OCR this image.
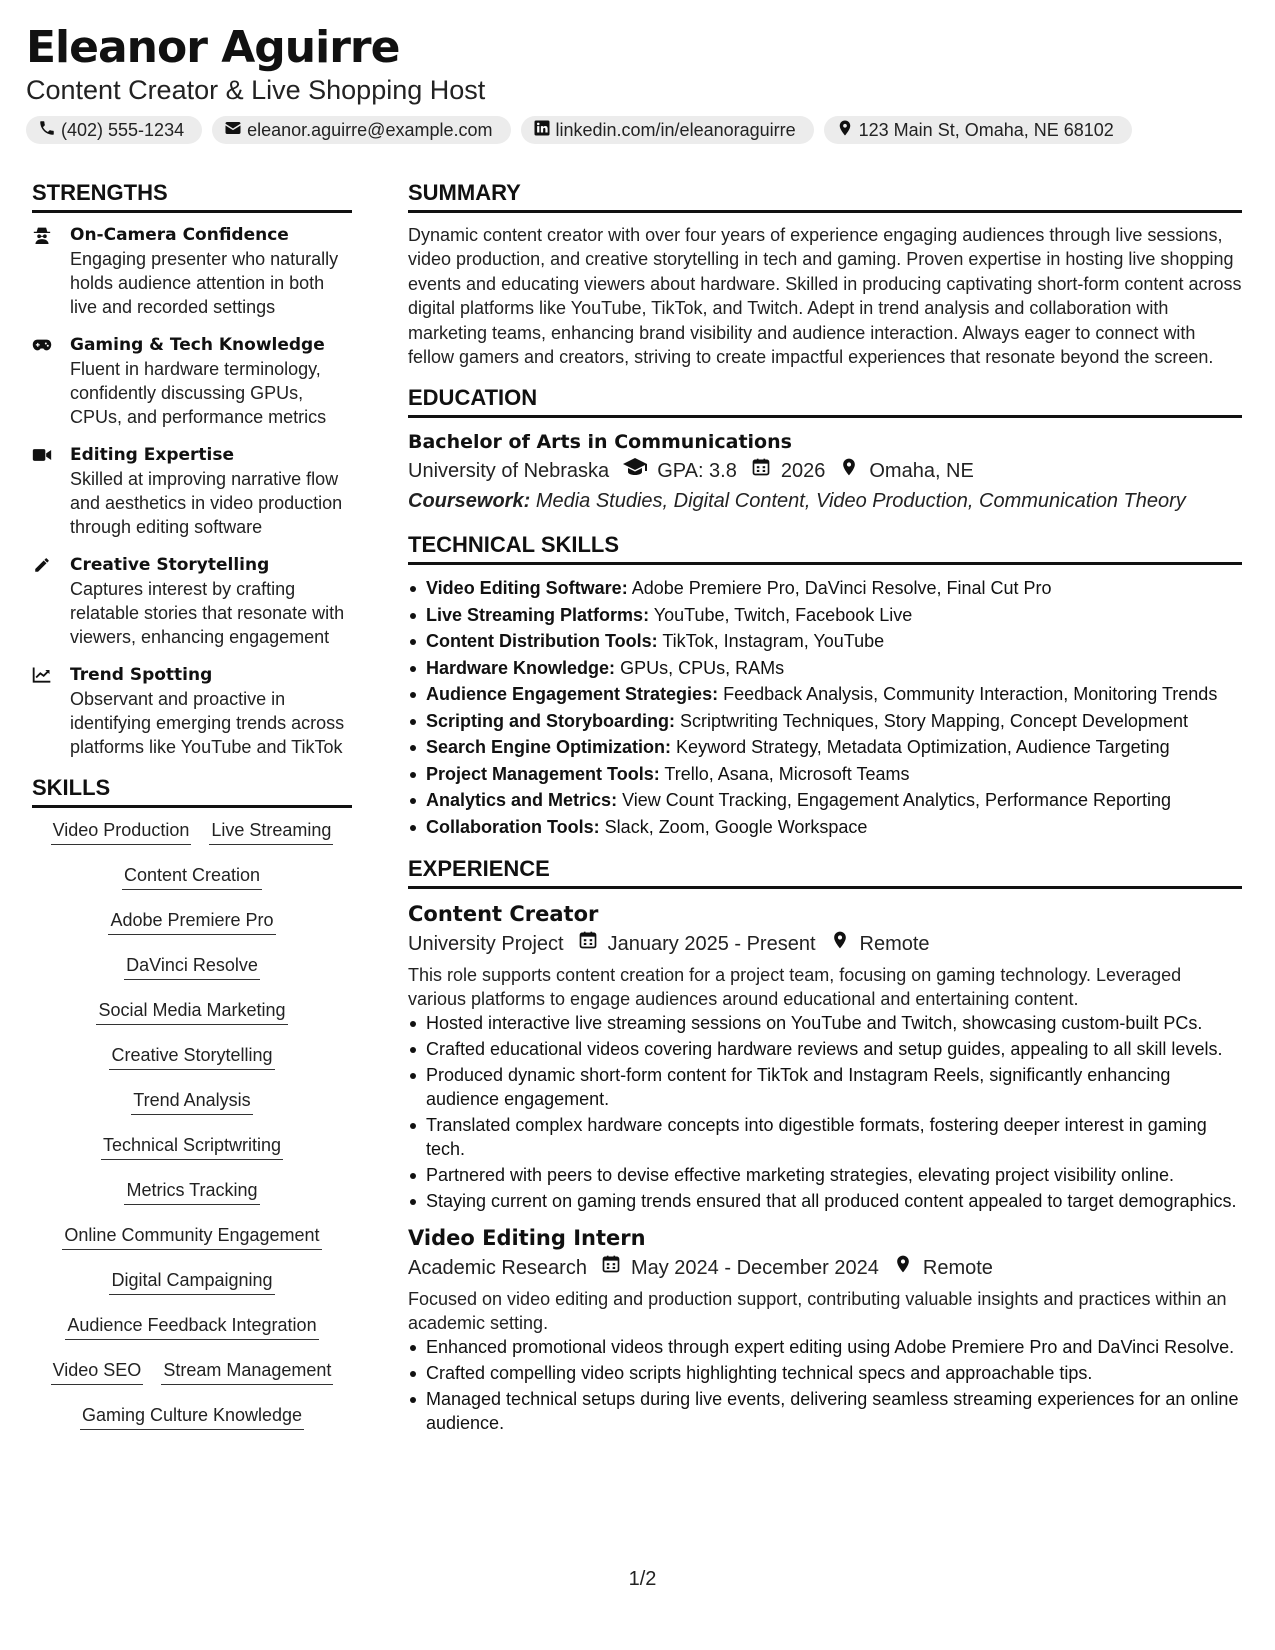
Eleanor Aguirre
Content Creator & Live Shopping Host
(402) 555-1234	eleanor.aguirre@example.com	linkedin.com/in/eleanoraguirre	123 Main St, Omaha, NE 68102
STRENGTHS
On-Camera Confidence
Engaging presenter who naturally holds audience attention in both live and recorded settings
Gaming & Tech Knowledge
Fluent in hardware terminology, confidently discussing GPUs, CPUs, and performance metrics
Editing Expertise
Skilled at improving narrative flow and aesthetics in video production through editing software
Creative Storytelling
Captures interest by crafting relatable stories that resonate with viewers, enhancing engagement
Trend Spotting
Observant and proactive in identifying emerging trends across platforms like YouTube and TikTok
SKILLS
Video Production Live Streaming
Content Creation
Adobe Premiere Pro
DaVinci Resolve
Social Media Marketing
Creative Storytelling
Trend Analysis
Technical Scriptwriting
Metrics Tracking
Online Community Engagement
Digital Campaigning
Audience Feedback Integration
Video SEO Stream Management
Gaming Culture Knowledge
SUMMARY
Dynamic content creator with over four years of experience engaging audiences through live sessions, video production, and creative storytelling in tech and gaming. Proven expertise in hosting live shopping events and educating viewers about hardware. Skilled in producing captivating short-form content across digital platforms like YouTube, TikTok, and Twitch. Adept in trend analysis and collaboration with marketing teams, enhancing brand visibility and audience interaction. Always eager to connect with fellow gamers and creators, striving to create impactful experiences that resonate beyond the screen.
EDUCATION
Bachelor of Arts in Communications
University of Nebraska GPA: 3.8 2026 Omaha, NE
Coursework: Media Studies, Digital Content, Video Production, Communication Theory
TECHNICAL SKILLS
Video Editing Software: Adobe Premiere Pro, DaVinci Resolve, Final Cut Pro
Live Streaming Platforms: YouTube, Twitch, Facebook Live
Content Distribution Tools: TikTok, Instagram, YouTube
Hardware Knowledge: GPUs, CPUs, RAMs
Audience Engagement Strategies: Feedback Analysis, Community Interaction, Monitoring Trends
Scripting and Storyboarding: Scriptwriting Techniques, Story Mapping, Concept Development
Search Engine Optimization: Keyword Strategy, Metadata Optimization, Audience Targeting
Project Management Tools: Trello, Asana, Microsoft Teams
Analytics and Metrics: View Count Tracking, Engagement Analytics, Performance Reporting
Collaboration Tools: Slack, Zoom, Google Workspace
EXPERIENCE
Content Creator
University Project January 2025 - Present Remote
This role supports content creation for a project team, focusing on gaming technology. Leveraged various platforms to engage audiences around educational and entertaining content.
Hosted interactive live streaming sessions on YouTube and Twitch, showcasing custom-built PCs.
Crafted educational videos covering hardware reviews and setup guides, appealing to all skill levels.
Produced dynamic short-form content for TikTok and Instagram Reels, significantly enhancing audience engagement.
Translated complex hardware concepts into digestible formats, fostering deeper interest in gaming tech.
Partnered with peers to devise effective marketing strategies, elevating project visibility online.
Staying current on gaming trends ensured that all produced content appealed to target demographics.
Video Editing Intern
Academic Research May 2024 - December 2024 Remote
Focused on video editing and production support, contributing valuable insights and practices within an academic setting.
Enhanced promotional videos through expert editing using Adobe Premiere Pro and DaVinci Resolve.
Crafted compelling video scripts highlighting technical specs and approachable tips.
Managed technical setups during live events, delivering seamless streaming experiences for an online audience.
1/2
